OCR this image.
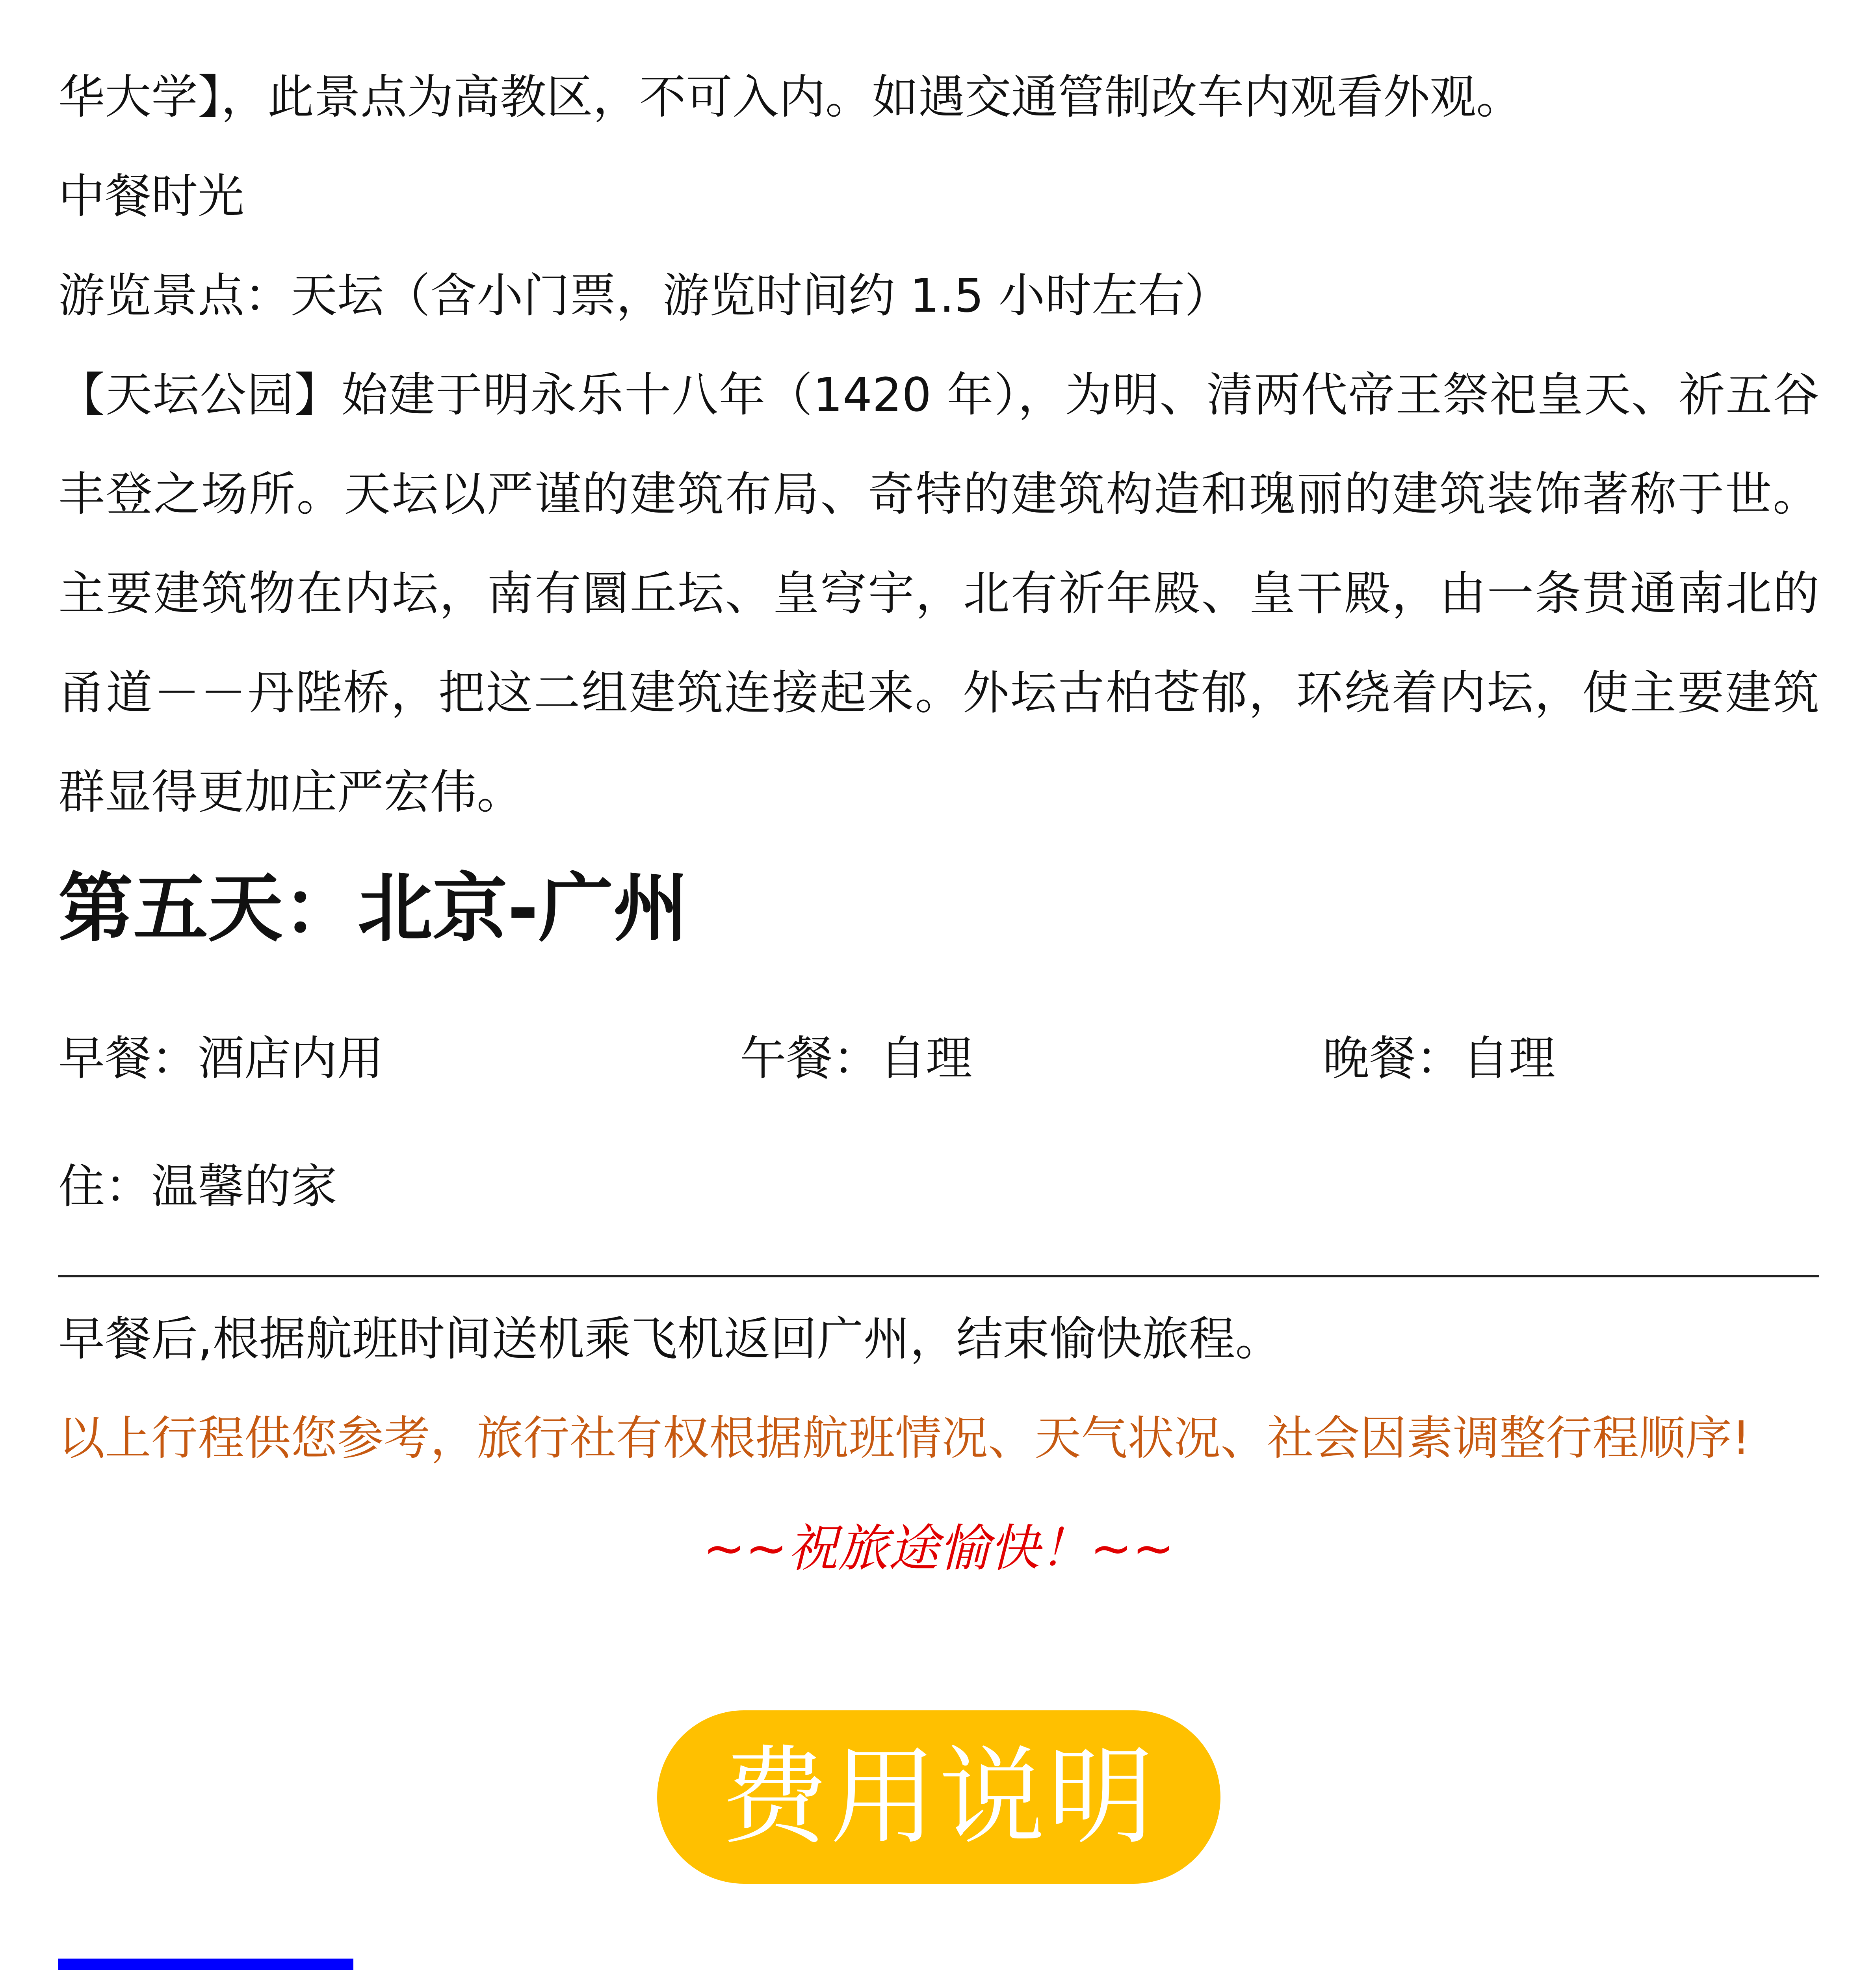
华大学】，此景点为高教区，不可入内。如遇交通管制改车内观看外观。

中餐时光

游览景点：天坛（含小门票，游览时间约 1.5 小时左右）

【天坛公园】始建于明永乐十八年（1420 年），为明、清两代帝王祭祀皇天、祈五谷丰登之场所。天坛以严谨的建筑布局、奇特的建筑构造和瑰丽的建筑装饰著称于世。主要建筑物在内坛，南有圜丘坛、皇穹宇，北有祈年殿、皇干殿，由一条贯通南北的甬道－－丹陛桥，把这二组建筑连接起来。外坛古柏苍郁，环绕着内坛，使主要建筑群显得更加庄严宏伟。

第五天：北京-广州
早餐：酒店内用	午餐：自理	晚餐：自理
住：温馨的家

早餐后,根据航班时间送机乘飞机返回广州，结束愉快旅程。

以上行程供您参考，旅行社有权根据航班情况、天气状况、社会因素调整行程顺序!

~~祝旅途愉快！~~
费用说明
